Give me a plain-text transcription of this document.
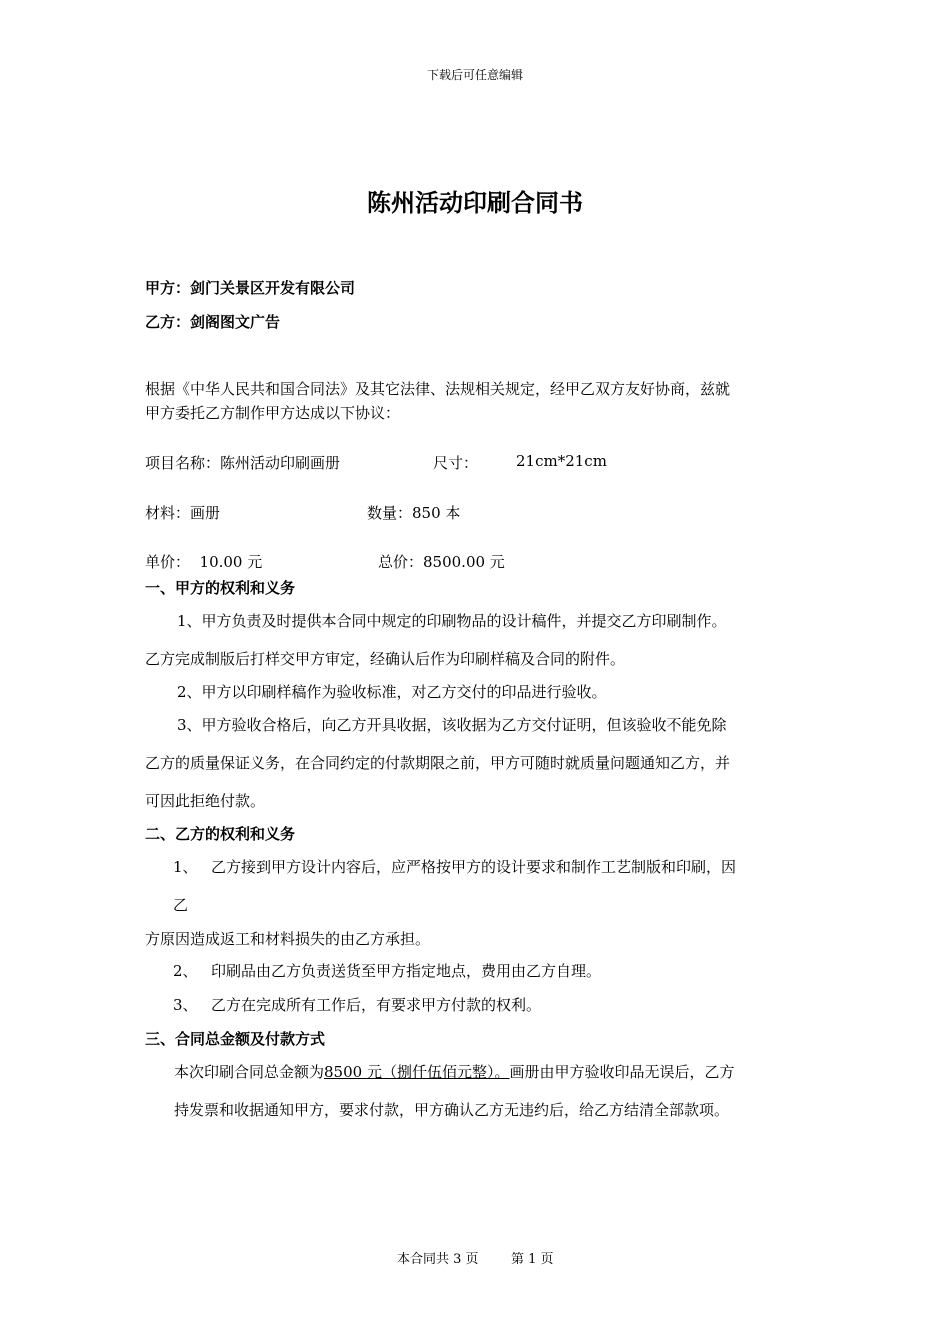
下载后可任意编辑
陈州活动印刷合同书
甲方：剑门关景区开发有限公司
乙方：剑阁图文广告
根据《中华人民共和国合同法》及其它法律、法规相关规定，经甲乙双方友好协商，兹就
甲方委托乙方制作甲方达成以下协议：
项目名称：陈州活动印刷画册	尺寸：	21cm*21cm
材料：画册	数量：850 本
单价：  10.00 元	总价：8500.00 元
一、甲方的权利和义务
1、甲方负责及时提供本合同中规定的印刷物品的设计稿件，并提交乙方印刷制作。
乙方完成制版后打样交甲方审定，经确认后作为印刷样稿及合同的附件。
2、甲方以印刷样稿作为验收标准，对乙方交付的印品进行验收。
3、甲方验收合格后，向乙方开具收据，该收据为乙方交付证明，但该验收不能免除
乙方的质量保证义务，在合同约定的付款期限之前，甲方可随时就质量问题通知乙方，并
可因此拒绝付款。
二、乙方的权利和义务
1、 乙方接到甲方设计内容后，应严格按甲方的设计要求和制作工艺制版和印刷，因
乙
方原因造成返工和材料损失的由乙方承担。
2、 印刷品由乙方负责送货至甲方指定地点，费用由乙方自理。
3、 乙方在完成所有工作后，有要求甲方付款的权利。
三、合同总金额及付款方式
本次印刷合同总金额为8500 元（捌仟伍佰元整）。画册由甲方验收印品无误后，乙方
持发票和收据通知甲方，要求付款，甲方确认乙方无违约后，给乙方结清全部款项。
本合同共 3 页 第 1 页
